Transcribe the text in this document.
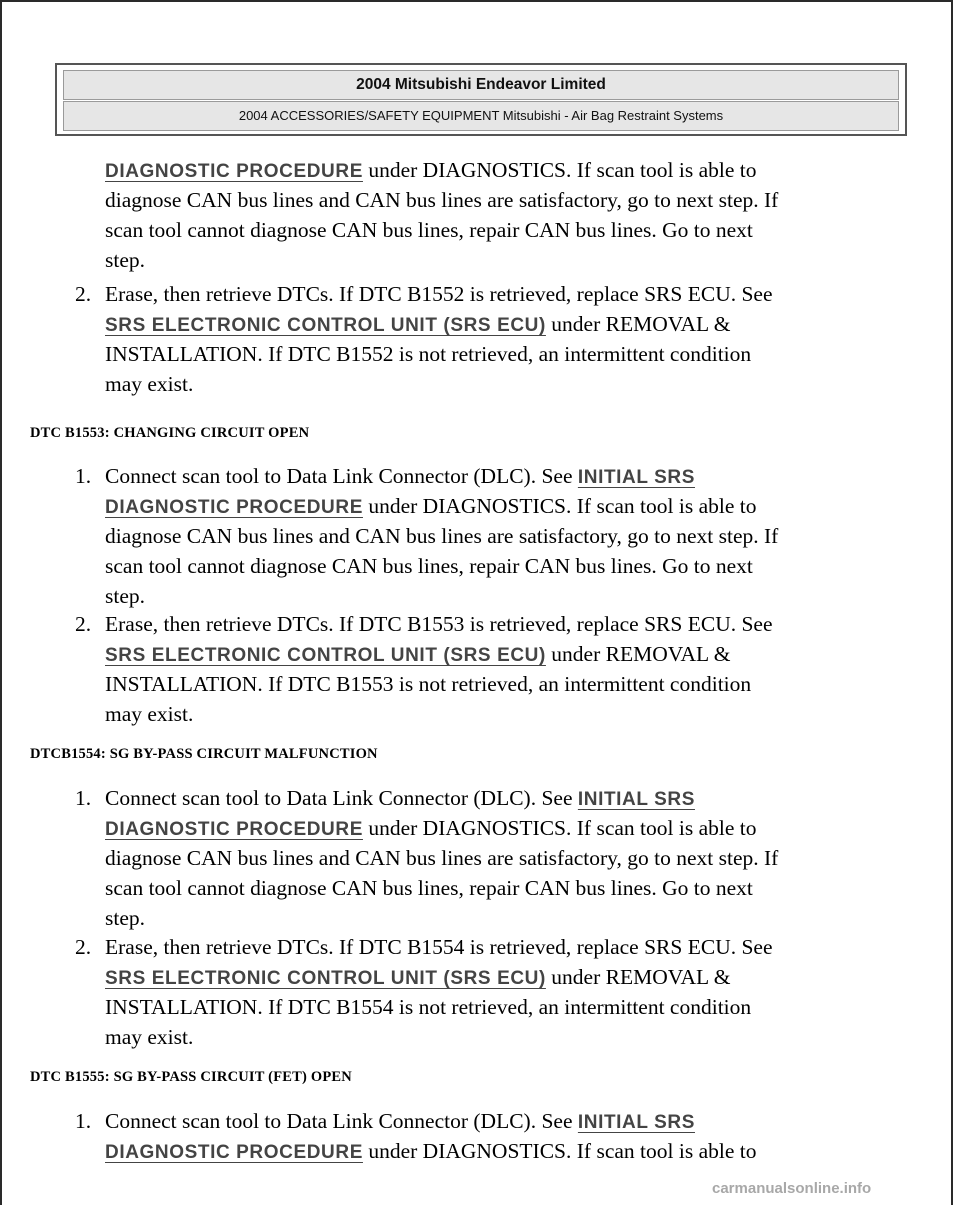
2004 Mitsubishi Endeavor Limited
2004 ACCESSORIES/SAFETY EQUIPMENT Mitsubishi - Air Bag Restraint Systems
DIAGNOSTIC PROCEDURE under DIAGNOSTICS. If scan tool is able to
diagnose CAN bus lines and CAN bus lines are satisfactory, go to next step. If
scan tool cannot diagnose CAN bus lines, repair CAN bus lines. Go to next
step.
2. Erase, then retrieve DTCs. If DTC B1552 is retrieved, replace SRS ECU. See
SRS ELECTRONIC CONTROL UNIT (SRS ECU) under REMOVAL &
INSTALLATION. If DTC B1552 is not retrieved, an intermittent condition
may exist.
DTC B1553: CHANGING CIRCUIT OPEN
1. Connect scan tool to Data Link Connector (DLC). See INITIAL SRS
DIAGNOSTIC PROCEDURE under DIAGNOSTICS. If scan tool is able to
diagnose CAN bus lines and CAN bus lines are satisfactory, go to next step. If
scan tool cannot diagnose CAN bus lines, repair CAN bus lines. Go to next
step.
2. Erase, then retrieve DTCs. If DTC B1553 is retrieved, replace SRS ECU. See
SRS ELECTRONIC CONTROL UNIT (SRS ECU) under REMOVAL &
INSTALLATION. If DTC B1553 is not retrieved, an intermittent condition
may exist.
DTCB1554: SG BY-PASS CIRCUIT MALFUNCTION
1. Connect scan tool to Data Link Connector (DLC). See INITIAL SRS
DIAGNOSTIC PROCEDURE under DIAGNOSTICS. If scan tool is able to
diagnose CAN bus lines and CAN bus lines are satisfactory, go to next step. If
scan tool cannot diagnose CAN bus lines, repair CAN bus lines. Go to next
step.
2. Erase, then retrieve DTCs. If DTC B1554 is retrieved, replace SRS ECU. See
SRS ELECTRONIC CONTROL UNIT (SRS ECU) under REMOVAL &
INSTALLATION. If DTC B1554 is not retrieved, an intermittent condition
may exist.
DTC B1555: SG BY-PASS CIRCUIT (FET) OPEN
1. Connect scan tool to Data Link Connector (DLC). See INITIAL SRS
DIAGNOSTIC PROCEDURE under DIAGNOSTICS. If scan tool is able to
carmanualsonline.info
